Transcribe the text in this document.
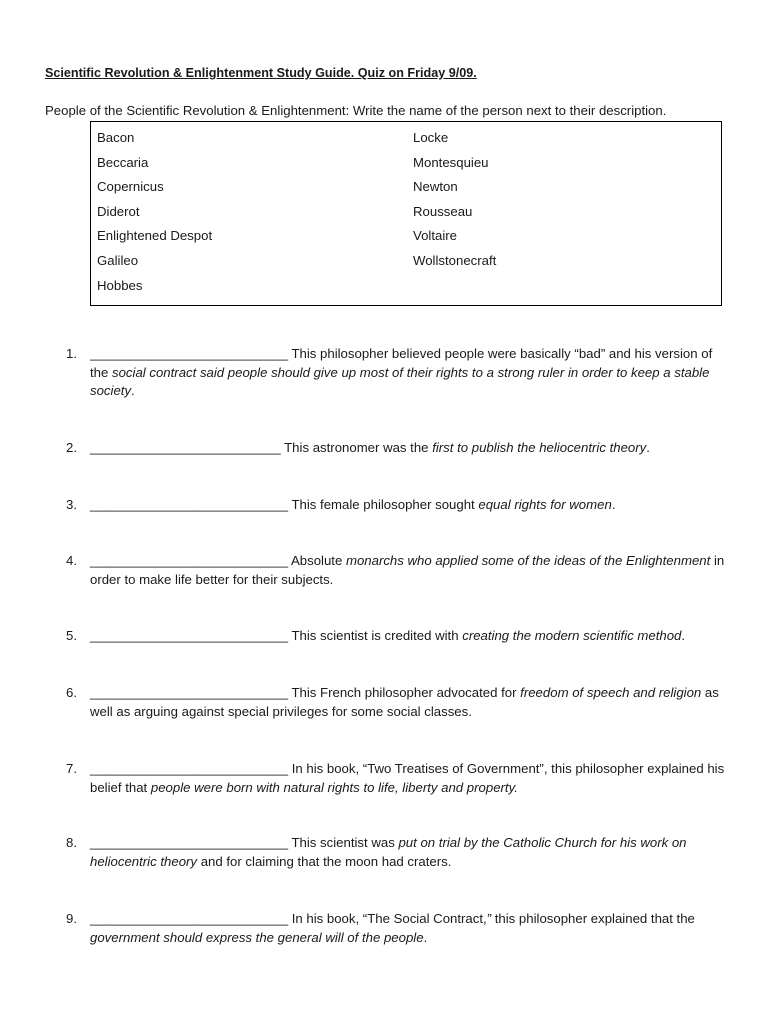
Scientific Revolution & Enlightenment Study Guide. Quiz on Friday 9/09.
People of the Scientific Revolution & Enlightenment: Write the name of the person next to their description.
Bacon
Beccaria
Copernicus
Diderot
Enlightened Despot
Galileo
Hobbes
Locke
Montesquieu
Newton
Rousseau
Voltaire
Wollstonecraft
1. ___________________________ This philosopher believed people were basically “bad” and his version of the social contract said people should give up most of their rights to a strong ruler in order to keep a stable society.
2. __________________________ This astronomer was the first to publish the heliocentric theory.
3. ___________________________ This female philosopher sought equal rights for women.
4. ___________________________ Absolute monarchs who applied some of the ideas of the Enlightenment in order to make life better for their subjects.
5. ___________________________ This scientist is credited with creating the modern scientific method.
6. ___________________________ This French philosopher advocated for freedom of speech and religion as well as arguing against special privileges for some social classes.
7. ___________________________ In his book, “Two Treatises of Government”, this philosopher explained his belief that people were born with natural rights to life, liberty and property.
8. ___________________________ This scientist was put on trial by the Catholic Church for his work on heliocentric theory and for claiming that the moon had craters.
9. ___________________________ In his book, “The Social Contract,” this philosopher explained that the government should express the general will of the people.
